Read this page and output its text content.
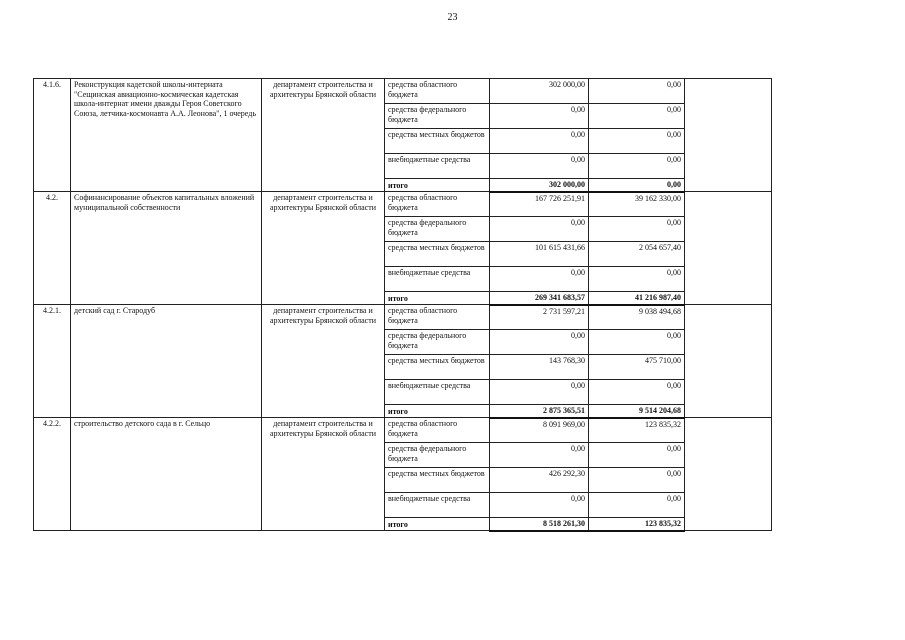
23
4.1.6.	Реконструкция кадетской школы-интерната "Сещинская авиационно-космическая кадетская школа-интернат имени дважды Героя Советского Союза, летчика-космонавта А.А. Леонова", 1 очередь	департамент строительства и архитектуры Брянской области	средства областного бюджета	302 000,00	0,00	
			средства федерального бюджета	0,00	0,00	
			средства местных бюджетов	0,00	0,00	
			внебюджетные средства	0,00	0,00	
			итого	302 000,00	0,00	
4.2.	Софинансирование объектов капитальных вложений муниципальной собственности	департамент строительства и архитектуры Брянской области	средства областного бюджета	167 726 251,91	39 162 330,00	
			средства федерального бюджета	0,00	0,00	
			средства местных бюджетов	101 615 431,66	2 054 657,40	
			внебюджетные средства	0,00	0,00	
			итого	269 341 683,57	41 216 987,40	
4.2.1.	детский сад г. Стародуб	департамент строительства и архитектуры Брянской области	средства областного бюджета	2 731 597,21	9 038 494,68	
			средства федерального бюджета	0,00	0,00	
			средства местных бюджетов	143 768,30	475 710,00	
			внебюджетные средства	0,00	0,00	
			итого	2 875 365,51	9 514 204,68	
4.2.2.	строительство детского сада в г. Сельцо	департамент строительства и архитектуры Брянской области	средства областного бюджета	8 091 969,00	123 835,32	
			средства федерального бюджета	0,00	0,00	
			средства местных бюджетов	426 292,30	0,00	
			внебюджетные средства	0,00	0,00	
			итого	8 518 261,30	123 835,32	
